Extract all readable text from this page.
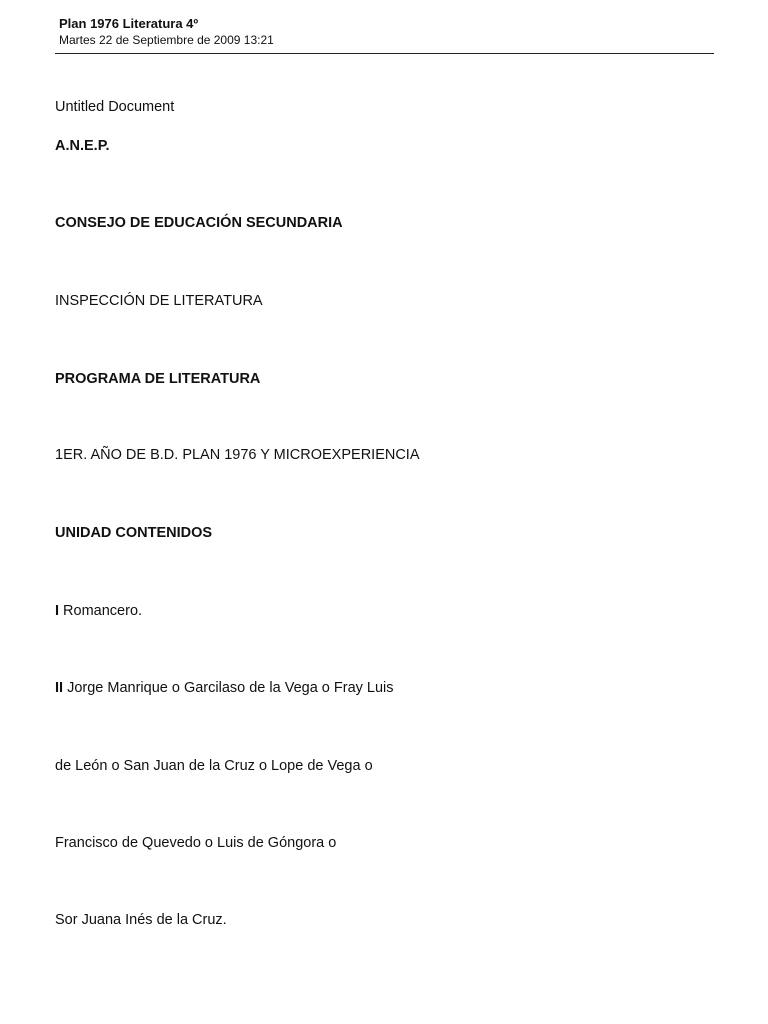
Plan 1976 Literatura 4º
Martes 22 de Septiembre de 2009 13:21
Untitled Document
A.N.E.P.
CONSEJO DE EDUCACIÓN SECUNDARIA
INSPECCIÓN DE LITERATURA
PROGRAMA DE LITERATURA
1ER. AÑO DE B.D. PLAN 1976 Y MICROEXPERIENCIA
UNIDAD CONTENIDOS
I Romancero.
II Jorge Manrique o Garcilaso de la Vega o Fray Luis
de León o San Juan de la Cruz o Lope de Vega o
Francisco de Quevedo o Luis de Góngora o
Sor Juana Inés de la Cruz.
